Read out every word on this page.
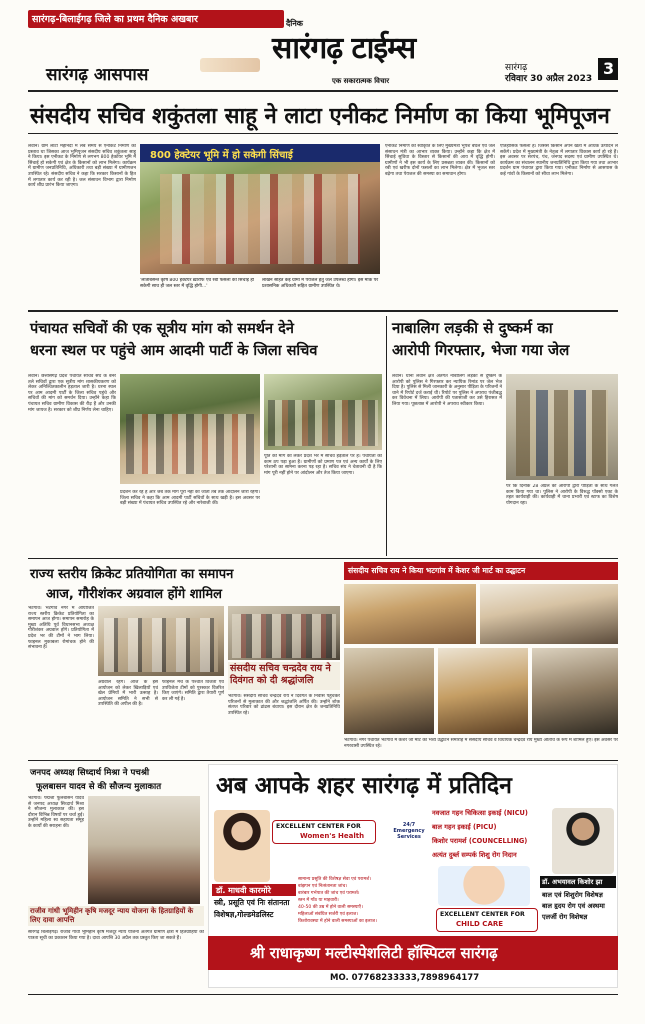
सारंगढ़-बिलाईगढ़ जिले का प्रथम दैनिक अखबार
सारंगढ़ आसपास
दैनिक
सारंगढ़ टाईम्स
एक सकारात्मक विचार
सारंगढ़
रविवार 30 अप्रैल 2023
3
संसदीय सचिव शकुंतला साहू ने लाटा एनीकट निर्माण का किया भूमिपूजन
लवान। ग्राम लाटा महानदी में लंबे समय से एनीकट निर्माण का प्रस्ताव था जिसका आज भूमिपूजन संसदीय सचिव शकुंतला साहू ने किया। इस एनीकट के निर्माण से लगभग 800 हेक्टेयर भूमि में सिंचाई हो सकेगी एवं क्षेत्र के किसानों को लाभ मिलेगा। कार्यक्रम में ग्रामीण जनप्रतिनिधि, अधिकारी तथा बड़ी संख्या में ग्रामीणजन उपस्थित रहे। संसदीय सचिव ने कहा कि सरकार किसानों के हित में लगातार कार्य कर रही है। जल संसाधन विभाग द्वारा निर्माण कार्य शीघ्र प्रारंभ किया जाएगा।
800 हेक्टेयर भूमि में हो सकेगी सिंचाई
'लाताबसन्त कृषि 800 हेक्टेयर ख़ारीफ एवं रबी फसलों की सिंचाई हो सकेगी साथ ही जल स्तर में वृद्धि होगी...'
लाखन सहित कई ग्रामों में पेयजल हेतु जल उपलब्ध होगा। इस मौके पर प्रशासनिक अधिकारी सहित ग्रामीण उपस्थित थे।
एनीकट निर्माण की स्वीकृति के लिए मुख्यमंत्री भूपेश बघेल एवं जल संसाधन मंत्री का आभार व्यक्त किया। उन्होंने कहा कि क्षेत्र में सिंचाई सुविधा के विस्तार से किसानों की आय में वृद्धि होगी। ग्रामीणों ने भी इस कार्य के लिए प्रसन्नता व्यक्त की। किसानों को रबी एवं खरीफ दोनों फसलों का लाभ मिलेगा। क्षेत्र में भूजल स्तर बढ़ेगा तथा पेयजल की समस्या का समाधान होगा।
ऐतिहासिक फैसला है। जिससे किसान अपने खेतों में अधिक उत्पादन ले सकेंगे। प्रदेश में मुख्यमंत्री के नेतृत्व में लगातार विकास कार्य हो रहे हैं। इस अवसर पर सरपंच, पंच, जनपद सदस्य एवं ग्रामीण उपस्थित थे। कार्यक्रम का संचालन स्थानीय जनप्रतिनिधि द्वारा किया गया तथा आभार प्रदर्शन ग्राम पंचायत द्वारा किया गया। एनीकट निर्माण से आसपास के कई गांवों के किसानों को सीधा लाभ मिलेगा।
पंचायत सचिवों की एक सूत्रीय मांग को समर्थन देने
धरना स्थल पर पहुंचे आम आदमी पार्टी के जिला सचिव
लवान। छत्तीसगढ़ प्रदेश पंचायत सचिव संघ के बैनर तले सचिवों द्वारा एक सूत्रीय मांग शासकीयकरण को लेकर अनिश्चितकालीन हड़ताल जारी है। धरना स्थल पर आम आदमी पार्टी के जिला सचिव पहुंचे और सचिवों की मांग को समर्थन दिया। उन्होंने कहा कि पंचायत सचिव ग्रामीण विकास की रीढ़ हैं और उनकी मांग जायज है। सरकार को शीघ्र निर्णय लेना चाहिए।
प्रदर्शन कर रहे हैं और जब तक मांग पूरी नहीं की जाती तब तक आंदोलन जारी रहेगा। जिला सचिव ने कहा कि आम आदमी पार्टी सचिवों के साथ खड़ी है। इस अवसर पर बड़ी संख्या में पंचायत सचिव उपस्थित रहे और नारेबाजी की।
पूर्ति की मांग को लेकर प्रदेश भर में सचिव हड़ताल पर हैं। पंचायतों का काम ठप पड़ा हुआ है। ग्रामीणों को प्रमाण पत्र एवं अन्य कार्यों के लिए परेशानी का सामना करना पड़ रहा है। सचिव संघ ने चेतावनी दी है कि मांग पूरी नहीं होने पर आंदोलन और तेज किया जाएगा।
नाबालिग लड़की से दुष्कर्म का
आरोपी गिरफ्तार, भेजा गया जेल
लवान। थाना लवान क्षेत्र अंतर्गत नाबालिग लड़की से दुष्कर्म के आरोपी को पुलिस ने गिरफ्तार कर न्यायिक रिमांड पर जेल भेज दिया है। पुलिस से मिली जानकारी के अनुसार पीड़िता के परिजनों ने थाने में रिपोर्ट दर्ज कराई थी। रिपोर्ट पर पुलिस ने अपराध पंजीबद्ध कर विवेचना में लिया। आरोपी की पतासाजी कर उसे हिरासत में लिया गया। पूछताछ में आरोपी ने अपराध स्वीकार किया।
पर कि दिनांक 28 अप्रैल को आरोपी द्वारा पीड़िता के साथ गलत काम किया गया था। पुलिस ने आरोपी के विरुद्ध पॉक्सो एक्ट के तहत कार्यवाही की। कार्यवाही में थाना प्रभारी एवं स्टाफ का विशेष योगदान रहा।
राज्य स्तरीय क्रिकेट प्रतियोगिता का समापन
आज, गौरीशंकर अग्रवाल होंगे शामिल
भटगांव। भटगांव नगर में आयोजित राज्य स्तरीय क्रिकेट प्रतियोगिता का समापन आज होगा। समापन समारोह के मुख्य अतिथि पूर्व विधानसभा अध्यक्ष गौरीशंकर अग्रवाल होंगे। प्रतियोगिता में प्रदेश भर की टीमों ने भाग लिया। फाइनल मुकाबला रोमांचक होने की संभावना है।
अग्रवाल रहेंगे। आज के इस आयोजन को लेकर खिलाड़ियों एवं खेल प्रेमियों में भारी उत्साह है। आयोजन समिति ने सभी से उपस्थिति की अपील की है।
फाइनल मैच के पश्चात विजेता एवं उपविजेता टीमों को पुरस्कार वितरित किए जाएंगे। समिति द्वारा तैयारी पूर्ण कर ली गई है।
संसदीय सचिव चन्द्रदेव राय ने दिवंगत को दी श्रद्धांजलि
भटगांव। संसदीय सचिव चन्द्रदेव राय ने दिवंगत के निवास पहुंचकर परिजनों से मुलाकात की और श्रद्धांजलि अर्पित की। उन्होंने शोक संतप्त परिवार को ढांढस बंधाया। इस दौरान क्षेत्र के जनप्रतिनिधि उपस्थित रहे।
संसदीय सचिव राय ने किया भटगांव में केशर जी मार्ट का उद्घाटन
भटगांव। नगर पंचायत भटगांव में केशर जी मार्ट का भव्य उद्घाटन समारोह में संसदीय सचिव व विधायक चन्द्रदेव राय मुख्य अतिथि के रूप में शामिल हुए। इस अवसर पर नगरवासी उपस्थित रहे।
जनपद अध्यक्ष सिध्दार्थ मिश्रा ने पचश्री
फूलबासन यादव से की सौजन्य मुलाकात
भटगांव। पद्मश्री फूलबासन यादव से जनपद अध्यक्ष सिध्दार्थ मिश्रा ने सौजन्य मुलाकात की। इस दौरान विभिन्न विषयों पर चर्चा हुई। उन्होंने महिला स्व सहायता समूह के कार्यों की सराहना की।
राजीव गांधी भूमिहीन कृषि मजदूर न्याय योजना के हितग्राहियों के लिए दावा आपत्ति
सारंगढ़ बिलाईगढ़। राजीव गांधी भूमिहीन कृषि मजदूर न्याय योजना अंतर्गत ग्रामीण क्षेत्रों में हितग्राहियों की पात्रता सूची का प्रकाशन किया गया है। दावा आपत्ति 30 अप्रैल तक प्रस्तुत किए जा सकते हैं।
अब आपके शहर सारंगढ़ में प्रतिदिन
EXCELLENT CENTER FOR
Women's Health
24/7 Emergency Services
डॉ. माधवी कारमोरे
स्त्री, प्रसूति एवं निः संतानता
विशेषज्ञ,गोल्डमेडलिस्ट
नवजात गहन चिकित्सा इकाई (NICU)
बाल गहन इकाई (PICU)
किशोर परामर्श (COUNCELLING)
अत्यंत दुर्ब्ल सम्पर्क शिशु रोग निदान
डॉ. अभयावल किशोर झा
बाल एवं शिशुरोग विशेषज्ञ
बाल हृदय रोग एवं अस्थमा
एलर्जी रोग विशेषज्ञ
सामान्य प्रसूति की विशेषज्ञ सेवा एवं परामर्श।
बांझपन एवं निःसंतानता जांच।
बारंबार गर्भपात की जांच एवं परामर्श।
स्तन में गाँठ या माहवारी।
40-50 की उम्र में होने वाली समस्याएँ।
महिलाओं संबंधित सर्जरी एवं इलाज।
किशोरावस्था में होने वाली समस्याओं का इलाज।
EXCELLENT CENTER FOR
CHILD CARE
श्री राधाकृष्ण मल्टीस्पेशलिटी हॉस्पिटल सारंगढ़
MO. 07768233333,7898964177
